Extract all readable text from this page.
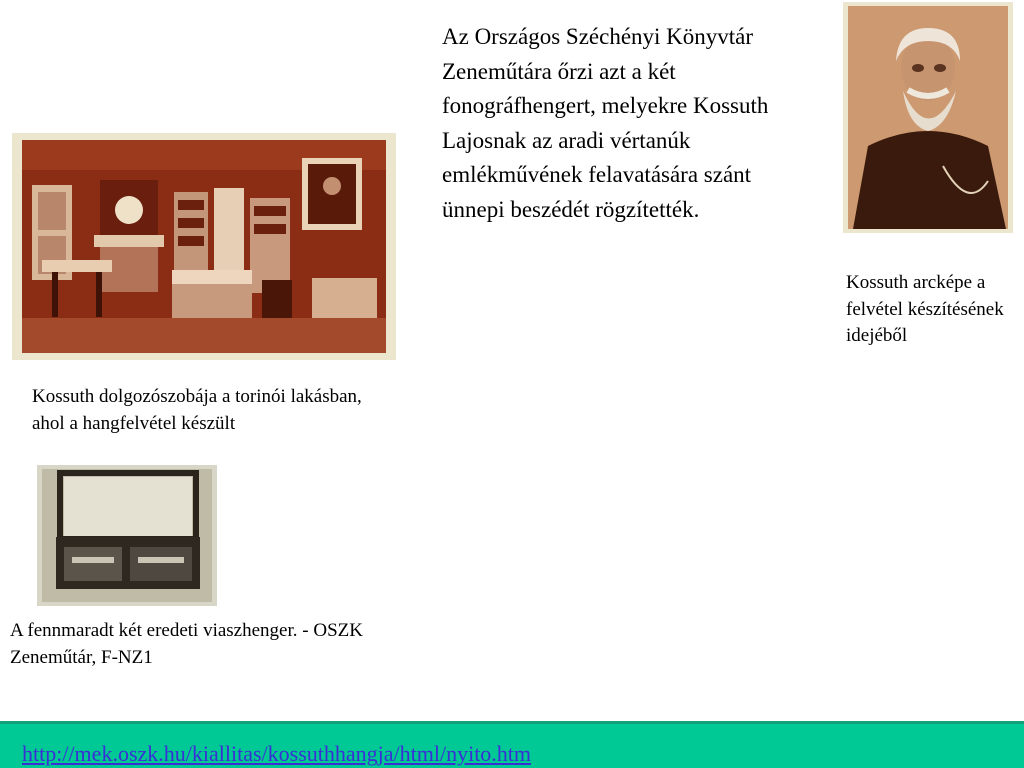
Az Országos Széchényi Könyvtár Zeneműtára őrzi azt a két fonográfhengert, melyekre Kossuth Lajosnak az aradi vértanúk emlékművének felavatására szánt ünnepi beszédét rögzítették.
Kossuth arcképe a felvétel készítésének idejéből
Kossuth dolgozószobája a torinói lakásban, ahol a hangfelvétel készült
A fennmaradt két eredeti viaszhenger. - OSZK Zeneműtár, F-NZ1
http://mek.oszk.hu/kiallitas/kossuthhangja/html/nyito.htm
